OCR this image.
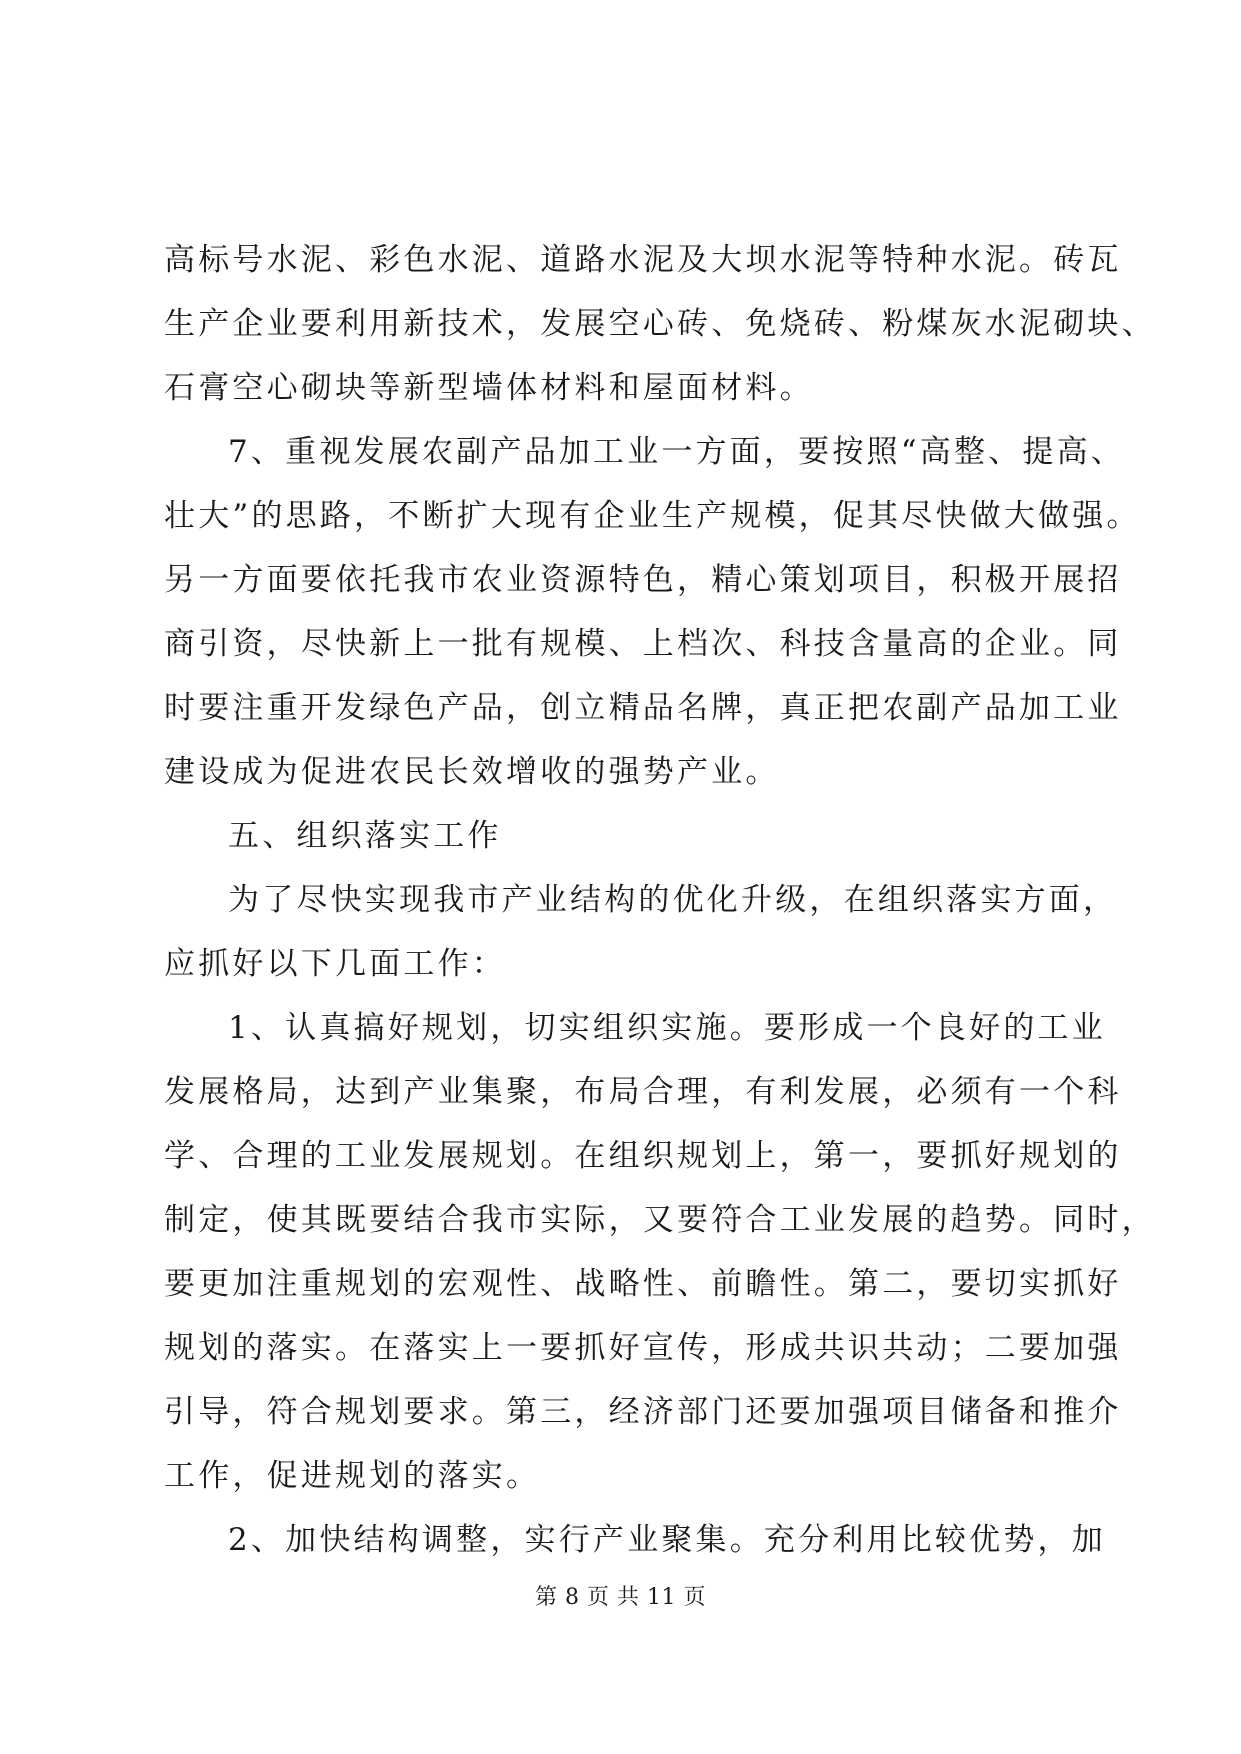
高标号水泥、彩色水泥、道路水泥及大坝水泥等特种水泥。砖瓦
生产企业要利用新技术，发展空心砖、免烧砖、粉煤灰水泥砌块、
石膏空心砌块等新型墙体材料和屋面材料。
7、重视发展农副产品加工业一方面，要按照“高整、提高、
壮大”的思路，不断扩大现有企业生产规模，促其尽快做大做强。
另一方面要依托我市农业资源特色，精心策划项目，积极开展招
商引资，尽快新上一批有规模、上档次、科技含量高的企业。同
时要注重开发绿色产品，创立精品名牌，真正把农副产品加工业
建设成为促进农民长效增收的强势产业。
五、组织落实工作
为了尽快实现我市产业结构的优化升级，在组织落实方面，
应抓好以下几面工作：
1、认真搞好规划，切实组织实施。要形成一个良好的工业
发展格局，达到产业集聚，布局合理，有利发展，必须有一个科
学、合理的工业发展规划。在组织规划上，第一，要抓好规划的
制定，使其既要结合我市实际，又要符合工业发展的趋势。同时，
要更加注重规划的宏观性、战略性、前瞻性。第二，要切实抓好
规划的落实。在落实上一要抓好宣传，形成共识共动；二要加强
引导，符合规划要求。第三，经济部门还要加强项目储备和推介
工作，促进规划的落实。
2、加快结构调整，实行产业聚集。充分利用比较优势，加
第 8 页 共 11 页
